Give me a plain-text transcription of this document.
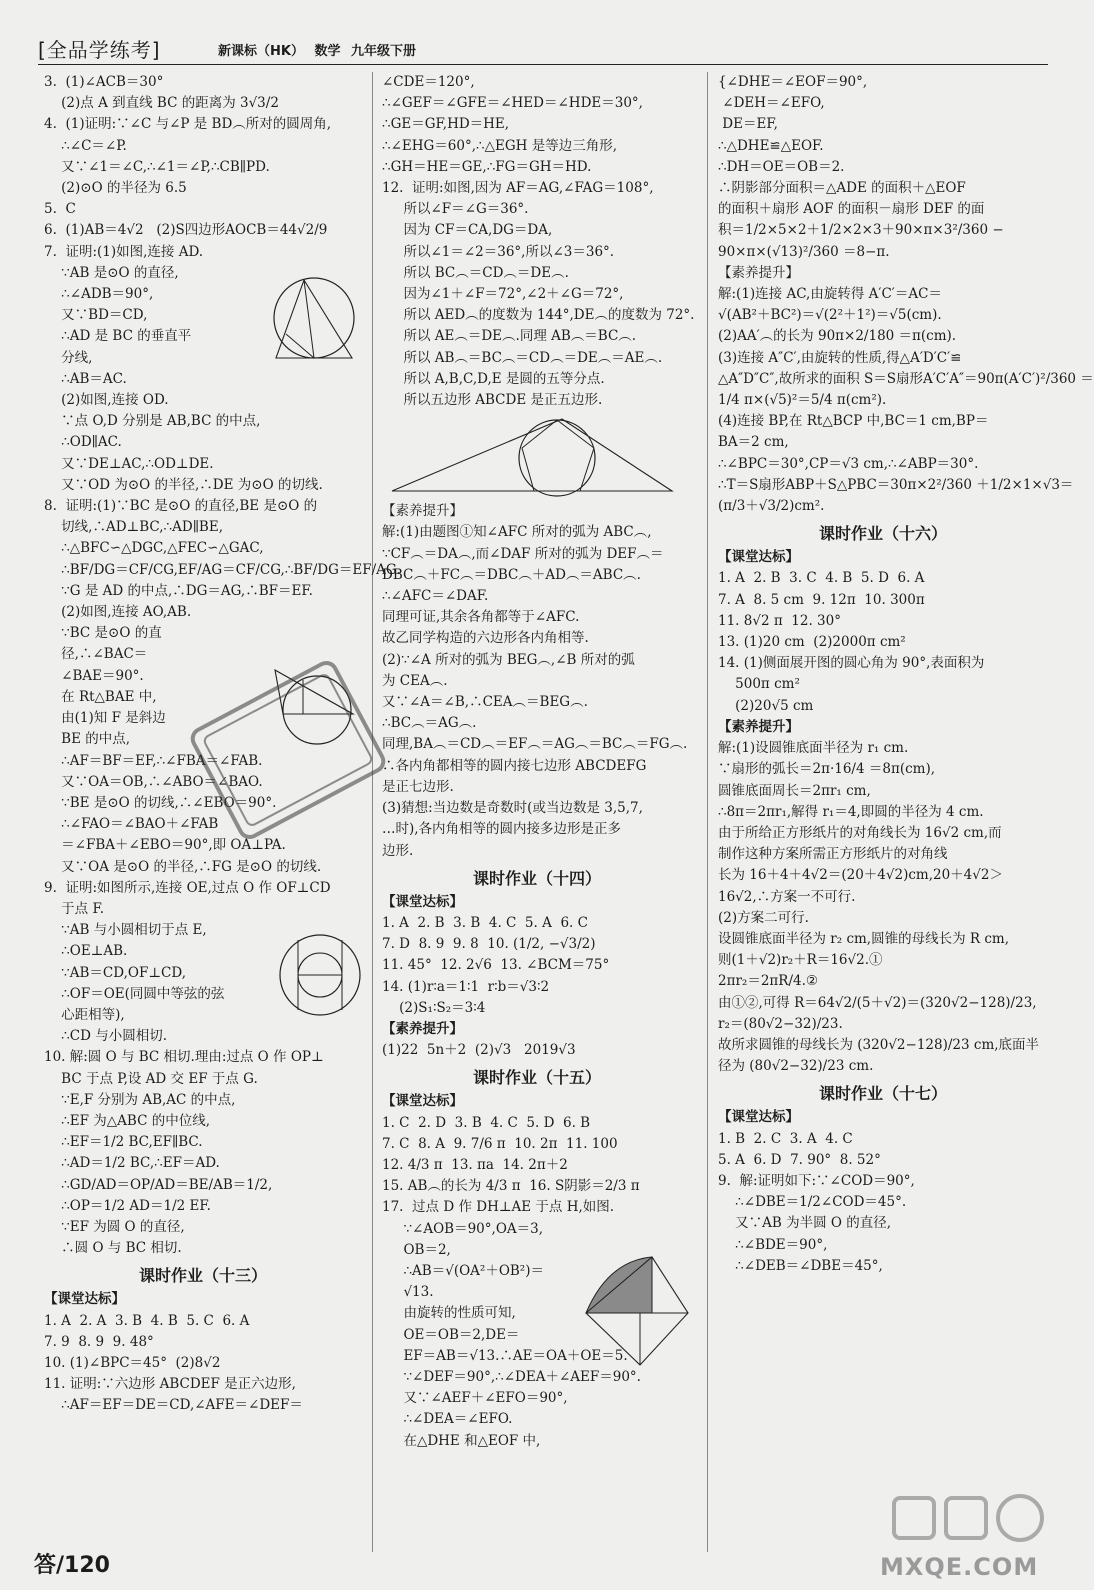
[全品学练考]	新课标（HK） 数学 九年级下册
3.  (1)∠ACB＝30°
(2)点 A 到直线 BC 的距离为 3√3/2
4.  (1)证明:∵∠C 与∠P 是 BD︵所对的圆周角,
∴∠C＝∠P.
又∵∠1＝∠C,∴∠1＝∠P,∴CB∥PD.
(2)⊙O 的半径为 6.5
5.  C
6.  (1)AB＝4√2   (2)S四边形AOCB＝44√2/9
7.  证明:(1)如图,连接 AD.
∵AB 是⊙O 的直径,
∴∠ADB＝90°,
又∵BD＝CD,
∴AD 是 BC 的垂直平
分线,
∴AB＝AC.
(2)如图,连接 OD.
∵点 O,D 分别是 AB,BC 的中点,
∴OD∥AC.
又∵DE⊥AC,∴OD⊥DE.
又∵OD 为⊙O 的半径,∴DE 为⊙O 的切线.
8.  证明:(1)∵BC 是⊙O 的直径,BE 是⊙O 的
切线,∴AD⊥BC,∴AD∥BE,
∴△BFC∽△DGC,△FEC∽△GAC,
∴BF/DG＝CF/CG,EF/AG＝CF/CG,∴BF/DG＝EF/AG.
∵G 是 AD 的中点,∴DG＝AG,∴BF＝EF.
(2)如图,连接 AO,AB.
∵BC 是⊙O 的直
径,∴∠BAC＝
∠BAE＝90°.
在 Rt△BAE 中,
由(1)知 F 是斜边
BE 的中点,
∴AF＝BF＝EF,∴∠FBA＝∠FAB.
又∵OA＝OB,∴∠ABO＝∠BAO.
∵BE 是⊙O 的切线,∴∠EBO＝90°.
∴∠FAO＝∠BAO＋∠FAB
＝∠FBA＋∠EBO＝90°,即 OA⊥PA.
又∵OA 是⊙O 的半径,∴FG 是⊙O 的切线.
9.  证明:如图所示,连接 OE,过点 O 作 OF⊥CD
于点 F.
∵AB 与小圆相切于点 E,
∴OE⊥AB.
∵AB＝CD,OF⊥CD,
∴OF＝OE(同圆中等弦的弦
心距相等),
∴CD 与小圆相切.
10. 解:圆 O 与 BC 相切.理由:过点 O 作 OP⊥
BC 于点 P,设 AD 交 EF 于点 G.
∵E,F 分别为 AB,AC 的中点,
∴EF 为△ABC 的中位线,
∴EF＝1/2 BC,EF∥BC.
∴AD＝1/2 BC,∴EF＝AD.
∴GD/AD＝OP/AD＝BE/AB＝1/2,
∴OP＝1/2 AD＝1/2 EF.
∵EF 为圆 O 的直径,
∴圆 O 与 BC 相切.
课时作业（十三）
【课堂达标】
1. A  2. A  3. B  4. B  5. C  6. A
7. 9  8. 9  9. 48°
10. (1)∠BPC＝45°  (2)8√2
11. 证明:∵六边形 ABCDEF 是正六边形,
∴AF＝EF＝DE＝CD,∠AFE＝∠DEF＝
∠CDE＝120°,
∴∠GEF＝∠GFE＝∠HED＝∠HDE＝30°,
∴GE＝GF,HD＝HE,
∴∠EHG＝60°,∴△EGH 是等边三角形,
∴GH＝HE＝GE,∴FG＝GH＝HD.
12.  证明:如图,因为 AF＝AG,∠FAG＝108°,
所以∠F＝∠G＝36°.
因为 CF＝CA,DG＝DA,
所以∠1＝∠2＝36°,所以∠3＝36°.
所以 BC︵＝CD︵＝DE︵.
因为∠1＋∠F＝72°,∠2＋∠G＝72°,
所以 AED︵的度数为 144°,DE︵的度数为 72°.
所以 AE︵＝DE︵.同理 AB︵＝BC︵.
所以 AB︵＝BC︵＝CD︵＝DE︵＝AE︵.
所以 A,B,C,D,E 是圆的五等分点.
所以五边形 ABCDE 是正五边形.
【素养提升】
解:(1)由题图①知∠AFC 所对的弧为 ABC︵,
∵CF︵＝DA︵,而∠DAF 所对的弧为 DEF︵＝
DBC︵＋FC︵＝DBC︵＋AD︵＝ABC︵.
∴∠AFC＝∠DAF.
同理可证,其余各角都等于∠AFC.
故乙同学构造的六边形各内角相等.
(2)∵∠A 所对的弧为 BEG︵,∠B 所对的弧
为 CEA︵.
又∵∠A＝∠B,∴CEA︵＝BEG︵.
∴BC︵＝AG︵.
同理,BA︵＝CD︵＝EF︵＝AG︵＝BC︵＝FG︵.
∴各内角都相等的圆内接七边形 ABCDEFG
是正七边形.
(3)猜想:当边数是奇数时(或当边数是 3,5,7,
…时),各内角相等的圆内接多边形是正多
边形.
课时作业（十四）
【课堂达标】
1. A  2. B  3. B  4. C  5. A  6. C
7. D  8. 9  9. 8  10. (1/2, −√3/2)
11. 45°  12. 2√6  13. ∠BCM＝75°
14. (1)r∶a＝1∶1  r∶b＝√3∶2
(2)S₁∶S₂＝3∶4
【素养提升】
(1)22  5n＋2  (2)√3   2019√3
课时作业（十五）
【课堂达标】
1. C  2. D  3. B  4. C  5. D  6. B
7. C  8. A  9. 7/6 π  10. 2π  11. 100
12. 4/3 π  13. πa  14. 2π＋2
15. AB︵的长为 4/3 π  16. S阴影＝2/3 π
17.  过点 D 作 DH⊥AE 于点 H,如图.
∵∠AOB＝90°,OA＝3,
OB＝2,
∴AB＝√(OA²＋OB²)＝
√13.
由旋转的性质可知,
OE＝OB＝2,DE＝
EF＝AB＝√13.∴AE＝OA＋OE＝5.
∵∠DEF＝90°,∴∠DEA＋∠AEF＝90°.
又∵∠AEF＋∠EFO＝90°,
∴∠DEA＝∠EFO.
在△DHE 和△EOF 中,
{∠DHE＝∠EOF＝90°,
∠DEH＝∠EFO,
DE＝EF,
∴△DHE≌△EOF.
∴DH＝OE＝OB＝2.
∴阴影部分面积＝△ADE 的面积＋△EOF
的面积＋扇形 AOF 的面积－扇形 DEF 的面
积＝1/2×5×2＋1/2×2×3＋90×π×3²/360 −
90×π×(√13)²/360 ＝8−π.
【素养提升】
解:(1)连接 AC,由旋转得 A′C′＝AC＝
√(AB²＋BC²)＝√(2²＋1²)＝√5(cm).
(2)AA′︵的长为 90π×2/180 ＝π(cm).
(3)连接 A″C′,由旋转的性质,得△A′D′C′≌
△A″D″C″,故所求的面积 S＝S扇形A′C′A″＝90π(A′C′)²/360 ＝
1/4 π×(√5)²＝5/4 π(cm²).
(4)连接 BP,在 Rt△BCP 中,BC＝1 cm,BP＝
BA＝2 cm,
∴∠BPC＝30°,CP＝√3 cm,∴∠ABP＝30°.
∴T＝S扇形ABP＋S△PBC＝30π×2²/360 ＋1/2×1×√3＝
(π/3＋√3/2)cm².
课时作业（十六）
【课堂达标】
1. A  2. B  3. C  4. B  5. D  6. A
7. A  8. 5 cm  9. 12π  10. 300π
11. 8√2 π  12. 30°
13. (1)20 cm  (2)2000π cm²
14. (1)侧面展开图的圆心角为 90°,表面积为
500π cm²
(2)20√5 cm
【素养提升】
解:(1)设圆锥底面半径为 r₁ cm.
∵扇形的弧长＝2π·16/4 ＝8π(cm),
圆锥底面周长＝2πr₁ cm,
∴8π＝2πr₁,解得 r₁＝4,即圆的半径为 4 cm.
由于所给正方形纸片的对角线长为 16√2 cm,而
制作这种方案所需正方形纸片的对角线
长为 16＋4＋4√2＝(20＋4√2)cm,20＋4√2＞
16√2,∴方案一不可行.
(2)方案二可行.
设圆锥底面半径为 r₂ cm,圆锥的母线长为 R cm,
则(1＋√2)r₂＋R＝16√2.①
2πr₂＝2πR/4.②
由①②,可得 R＝64√2/(5＋√2)＝(320√2−128)/23,
r₂＝(80√2−32)/23.
故所求圆锥的母线长为 (320√2−128)/23 cm,底面半
径为 (80√2−32)/23 cm.
课时作业（十七）
【课堂达标】
1. B  2. C  3. A  4. C
5. A  6. D  7. 90°  8. 52°
9.  解:证明如下:∵∠COD＝90°,
∴∠DBE＝1/2∠COD＝45°.
又∵AB 为半圆 O 的直径,
∴∠BDE＝90°,
∴∠DEB＝∠DBE＝45°,
答/120	MXQE.COM
